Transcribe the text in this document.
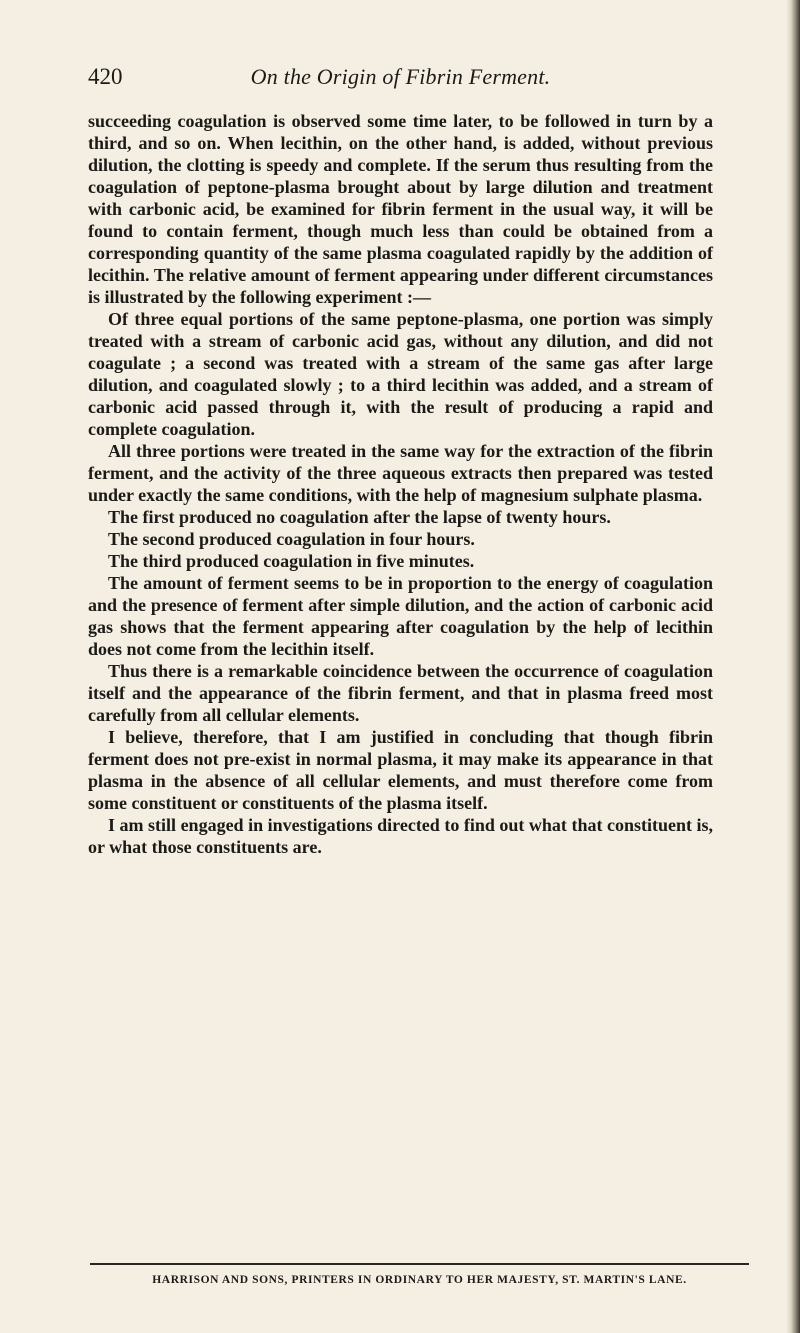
420	On the Origin of Fibrin Ferment.

succeeding coagulation is observed some time later, to be followed in turn by a third, and so on. When lecithin, on the other hand, is added, without previous dilution, the clotting is speedy and complete. If the serum thus resulting from the coagulation of peptone-plasma brought about by large dilution and treatment with carbonic acid, be examined for fibrin ferment in the usual way, it will be found to contain ferment, though much less than could be obtained from a corresponding quantity of the same plasma coagulated rapidly by the addition of lecithin. The relative amount of ferment appearing under different circumstances is illustrated by the following experiment :—

Of three equal portions of the same peptone-plasma, one portion was simply treated with a stream of carbonic acid gas, without any dilution, and did not coagulate ; a second was treated with a stream of the same gas after large dilution, and coagulated slowly ; to a third lecithin was added, and a stream of carbonic acid passed through it, with the result of producing a rapid and complete coagulation.

All three portions were treated in the same way for the extraction of the fibrin ferment, and the activity of the three aqueous extracts then prepared was tested under exactly the same conditions, with the help of magnesium sulphate plasma.

The first produced no coagulation after the lapse of twenty hours.

The second produced coagulation in four hours.

The third produced coagulation in five minutes.

The amount of ferment seems to be in proportion to the energy of coagulation and the presence of ferment after simple dilution, and the action of carbonic acid gas shows that the ferment appearing after coagulation by the help of lecithin does not come from the lecithin itself.

Thus there is a remarkable coincidence between the occurrence of coagulation itself and the appearance of the fibrin ferment, and that in plasma freed most carefully from all cellular elements.

I believe, therefore, that I am justified in concluding that though fibrin ferment does not pre-exist in normal plasma, it may make its appearance in that plasma in the absence of all cellular elements, and must therefore come from some constituent or constituents of the plasma itself.

I am still engaged in investigations directed to find out what that constituent is, or what those constituents are.

HARRISON AND SONS, PRINTERS IN ORDINARY TO HER MAJESTY, ST. MARTIN'S LANE.
